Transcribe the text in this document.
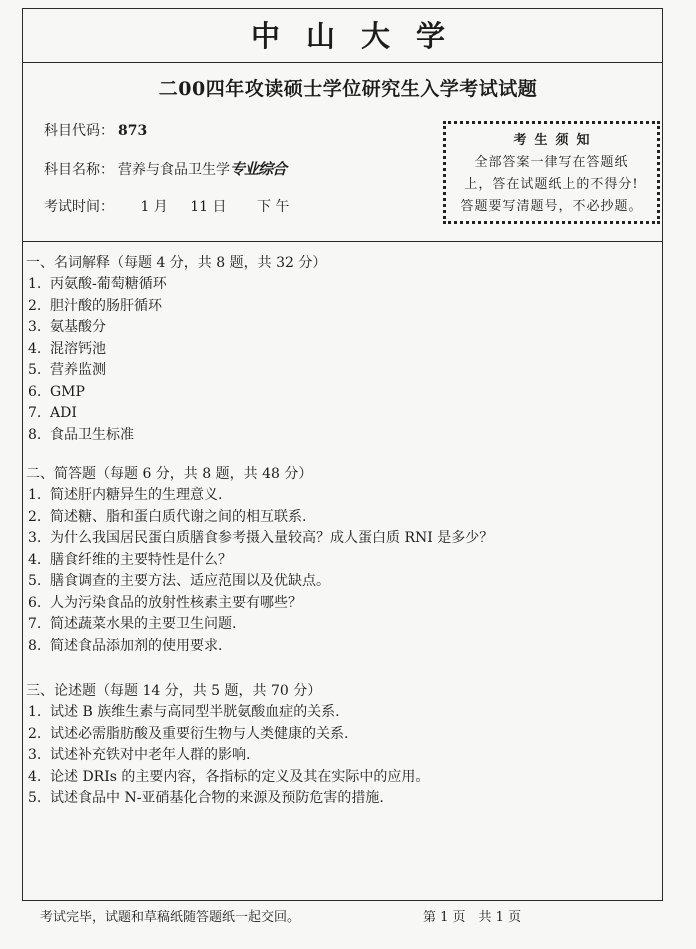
中山大学
二00四年攻读硕士学位研究生入学考试试题
科目代码： 873
科目名称： 营养与食品卫生学专业综合
考试时间： 1 月 11 日 下 午
考生须知
全部答案一律写在答题纸
上，答在试题纸上的不得分!
答题要写清题号，不必抄题。
一、名词解释（每题 4 分，共 8 题，共 32 分）
1. 丙氨酸-葡萄糖循环
2. 胆汁酸的肠肝循环
3. 氨基酸分
4. 混溶钙池
5. 营养监测
6. GMP
7. ADI
8. 食品卫生标准
二、简答题（每题 6 分，共 8 题，共 48 分）
1. 简述肝内糖异生的生理意义.
2. 简述糖、脂和蛋白质代谢之间的相互联系.
3. 为什么我国居民蛋白质膳食参考摄入量较高？成人蛋白质 RNI 是多少？
4. 膳食纤维的主要特性是什么？
5. 膳食调查的主要方法、适应范围以及优缺点。
6. 人为污染食品的放射性核素主要有哪些？
7. 简述蔬菜水果的主要卫生问题.
8. 简述食品添加剂的使用要求.
三、论述题（每题 14 分，共 5 题，共 70 分）
1. 试述 B 族维生素与高同型半胱氨酸血症的关系.
2. 试述必需脂肪酸及重要衍生物与人类健康的关系.
3. 试述补充铁对中老年人群的影响.
4. 论述 DRIs 的主要内容，各指标的定义及其在实际中的应用。
5. 试述食品中 N-亚硝基化合物的来源及预防危害的措施.
考试完毕，试题和草稿纸随答题纸一起交回。	第 1 页　共 1 页
